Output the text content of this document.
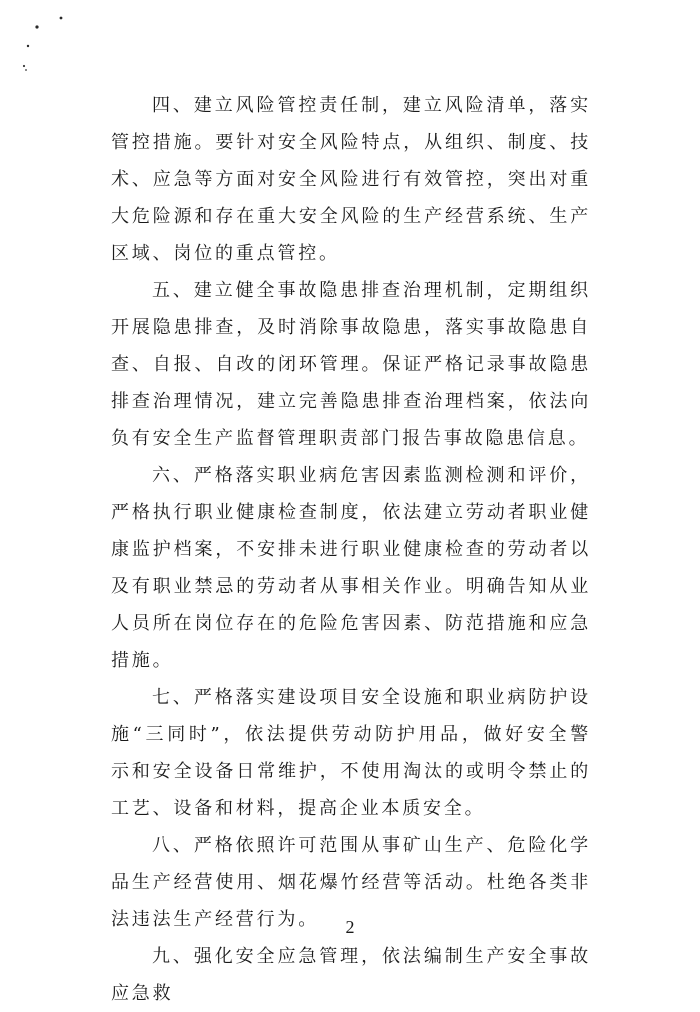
四、建立风险管控责任制，建立风险清单，落实管控措施。要针对安全风险特点，从组织、制度、技术、应急等方面对安全风险进行有效管控，突出对重大危险源和存在重大安全风险的生产经营系统、生产区域、岗位的重点管控。

五、建立健全事故隐患排查治理机制，定期组织开展隐患排查，及时消除事故隐患，落实事故隐患自查、自报、自改的闭环管理。保证严格记录事故隐患排查治理情况，建立完善隐患排查治理档案，依法向负有安全生产监督管理职责部门报告事故隐患信息。

六、严格落实职业病危害因素监测检测和评价，严格执行职业健康检查制度，依法建立劳动者职业健康监护档案，不安排未进行职业健康检查的劳动者以及有职业禁忌的劳动者从事相关作业。明确告知从业人员所在岗位存在的危险危害因素、防范措施和应急措施。

七、严格落实建设项目安全设施和职业病防护设施“三同时”，依法提供劳动防护用品，做好安全警示和安全设备日常维护，不使用淘汰的或明令禁止的工艺、设备和材料，提高企业本质安全。

八、严格依照许可范围从事矿山生产、危险化学品生产经营使用、烟花爆竹经营等活动。杜绝各类非法违法生产经营行为。

九、强化安全应急管理，依法编制生产安全事故应急救

2
